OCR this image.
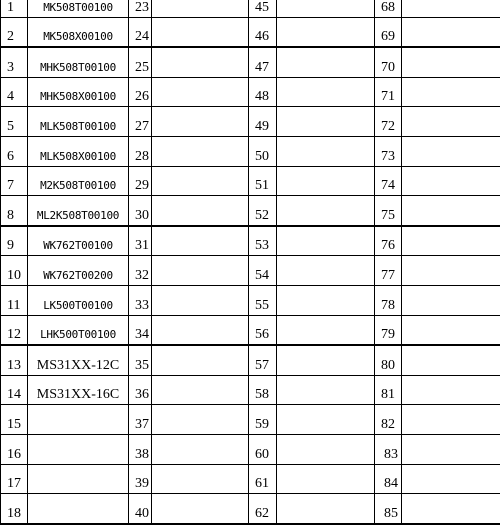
1	MK508T00100	23		45		68	
2	MK508X00100	24		46		69	
3	MHK508T00100	25		47		70	
4	MHK508X00100	26		48		71	
5	MLK508T00100	27		49		72	
6	MLK508X00100	28		50		73	
7	M2K508T00100	29		51		74	
8	ML2K508T00100	30		52		75	
9	WK762T00100	31		53		76	
10	WK762T00200	32		54		77	
11	LK500T00100	33		55		78	
12	LHK500T00100	34		56		79	
13	MS31XX-12C	35		57		80	
14	MS31XX-16C	36		58		81	
15		37		59		82	
16		38		60		83	
17		39		61		84	
18		40		62		85	
